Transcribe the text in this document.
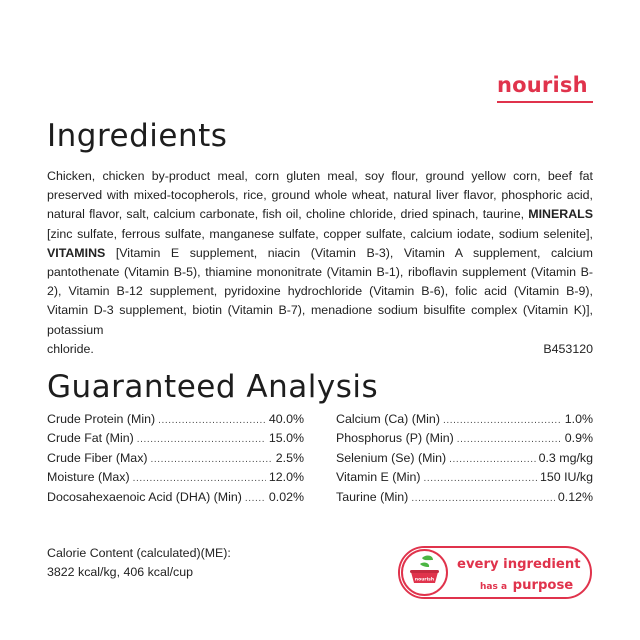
nourish
Ingredients
Chicken, chicken by-product meal, corn gluten meal, soy flour, ground yellow corn, beef fat preserved with mixed-tocopherols, rice, ground whole wheat, natural liver flavor, phosphoric acid, natural flavor, salt, calcium carbonate, fish oil, choline chloride, dried spinach, taurine, MINERALS [zinc sulfate, ferrous sulfate, manganese sulfate, copper sulfate, calcium iodate, sodium selenite], VITAMINS [Vitamin E supplement, niacin (Vitamin B-3), Vitamin A supplement, calcium pantothenate (Vitamin B-5), thiamine mononitrate (Vitamin B-1), riboflavin supplement (Vitamin B-2), Vitamin B-12 supplement, pyridoxine hydrochloride (Vitamin B-6), folic acid (Vitamin B-9), Vitamin D-3 supplement, biotin (Vitamin B-7), menadione sodium bisulfite complex (Vitamin K)], potassium
chloride.	B453120
Guaranteed Analysis
Crude Protein (Min) .....	40.0%
Crude Fat (Min) .....	15.0%
Crude Fiber (Max) .....	2.5%
Moisture (Max) .....	12.0%
Docosahexaenoic Acid (DHA) (Min) ..... 0.02%
Calcium (Ca) (Min) .....	1.0%
Phosphorus (P) (Min) .....	0.9%
Selenium (Se) (Min) .....	0.3 mg/kg
Vitamin E (Min) .....	150 IU/kg
Taurine (Min) .....	0.12%
Calorie Content (calculated)(ME):
3822 kcal/kg, 406 kcal/cup
nourish
every ingredient
has a purpose
